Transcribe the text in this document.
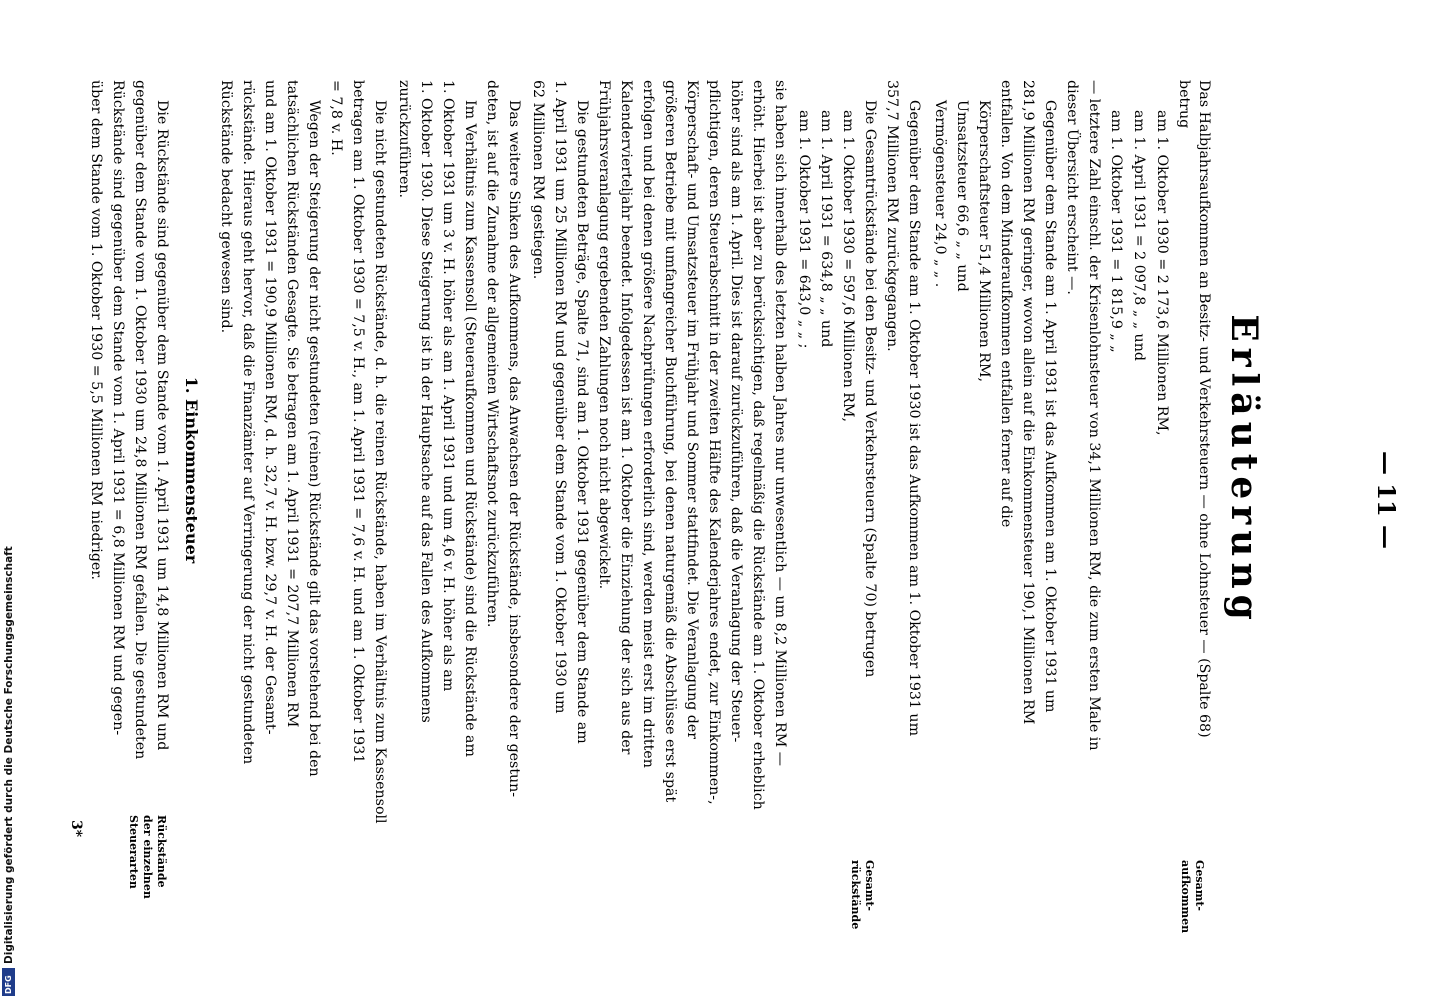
Das Halbjahrsaufkommen an Besitz- und Verkehrsteuern — ohne Lohnsteuer — (Spalte 68)
betrug
am 1. Oktober 1930 = 2 173,6 Millionen RM,
am 1. April 1931 = 2 097,8 „ „ und
am 1. Oktober 1931 = 1 815,9 „ „
— letztere Zahl einschl. der Krisenlohnsteuer von 34,1 Millionen RM, die zum ersten Male in
dieser Übersicht erscheint —.
Gegenüber dem Stande am 1. April 1931 ist das Aufkommen am 1. Oktober 1931 um
281,9 Millionen RM geringer, wovon allein auf die Einkommensteuer 190,1 Millionen RM
entfallen. Von dem Minderaufkommen entfallen ferner auf die
Körperschaftsteuer 51,4 Millionen RM,
Umsatzsteuer 66,6 „ „ und
Vermögensteuer 24,0 „ „ .
Gegenüber dem Stande am 1. Oktober 1930 ist das Aufkommen am 1. Oktober 1931 um
357,7 Millionen RM zurückgegangen.
Die Gesamtrückstände bei den Besitz- und Verkehrsteuern (Spalte 70) betrugen
am 1. Oktober 1930 = 597,6 Millionen RM,
am 1. April 1931 = 634,8 „ „ und
am 1. Oktober 1931 = 643,0 „ „ ;
sie haben sich innerhalb des letzten halben Jahres nur unwesentlich — um 8,2 Millionen RM —
erhöht. Hierbei ist aber zu berücksichtigen, daß regelmäßig die Rückstände am 1. Oktober erheblich
höher sind als am 1. April. Dies ist darauf zurückzuführen, daß die Veranlagung der Steuer-
pflichtigen, deren Steuerabschnitt in der zweiten Hälfte des Kalenderjahres endet, zur Einkommen-,
Körperschaft- und Umsatzsteuer im Frühjahr und Sommer stattfindet. Die Veranlagung der
größeren Betriebe mit umfangreicher Buchführung, bei denen naturgemäß die Abschlüsse erst spät
erfolgen und bei denen größere Nachprüfungen erforderlich sind, werden meist erst im dritten
Kalendervierteljahr beendet. Infolgedessen ist am 1. Oktober die Einziehung der sich aus der
Frühjahrsveranlagung ergebenden Zahlungen noch nicht abgewickelt.
Die gestundeten Beträge, Spalte 71, sind am 1. Oktober 1931 gegenüber dem Stande am
1. April 1931 um 25 Millionen RM und gegenüber dem Stande vom 1. Oktober 1930 um
62 Millionen RM gestiegen.
Das weitere Sinken des Aufkommens, das Anwachsen der Rückstände, insbesondere der gestun-
deten, ist auf die Zunahme der allgemeinen Wirtschaftsnot zurückzuführen.
Im Verhältnis zum Kassensoll (Steueraufkommen und Rückstände) sind die Rückstände am
1. Oktober 1931 um 3 v. H. höher als am 1. April 1931 und um 4,6 v. H. höher als am
1. Oktober 1930. Diese Steigerung ist in der Hauptsache auf das Fallen des Aufkommens
zurückzuführen.
Die nicht gestundeten Rückstände, d. h. die reinen Rückstände, haben im Verhältnis zum Kassensoll
betragen am 1. Oktober 1930 = 7,5 v. H., am 1. April 1931 = 7,6 v. H. und am 1. Oktober 1931
= 7,8 v. H.
Wegen der Steigerung der nicht gestundeten (reinen) Rückstände gilt das vorstehend bei den
tatsächlichen Rückständen Gesagte. Sie betragen am 1. April 1931 = 207,7 Millionen RM
und am 1. Oktober 1931 = 190,9 Millionen RM, d. h. 32,7 v. H. bzw. 29,7 v. H. der Gesamt-
rückstände. Hieraus geht hervor, daß die Finanzämter auf Verringerung der nicht gestundeten
Rückstände bedacht gewesen sind.
Die Rückstände sind gegenüber dem Stande vom 1. April 1931 um 14,8 Millionen RM und
gegenüber dem Stande vom 1. Oktober 1930 um 24,8 Millionen RM gefallen. Die gestundeten
Rückstände sind gegenüber dem Stande vom 1. April 1931 = 6,8 Millionen RM und gegen-
über dem Stande vom 1. Oktober 1930 = 5,5 Millionen RM niedriger.	— 11 —
Erläuterung
1. Einkommensteuer
Gesamt-
aufkommen
Gesamt-
rückstände
Rückstände
der einzelnen
Steuerarten
3*
DFG
Digitalisierung gefördert durch die Deutsche Forschungsgemeinschaft
